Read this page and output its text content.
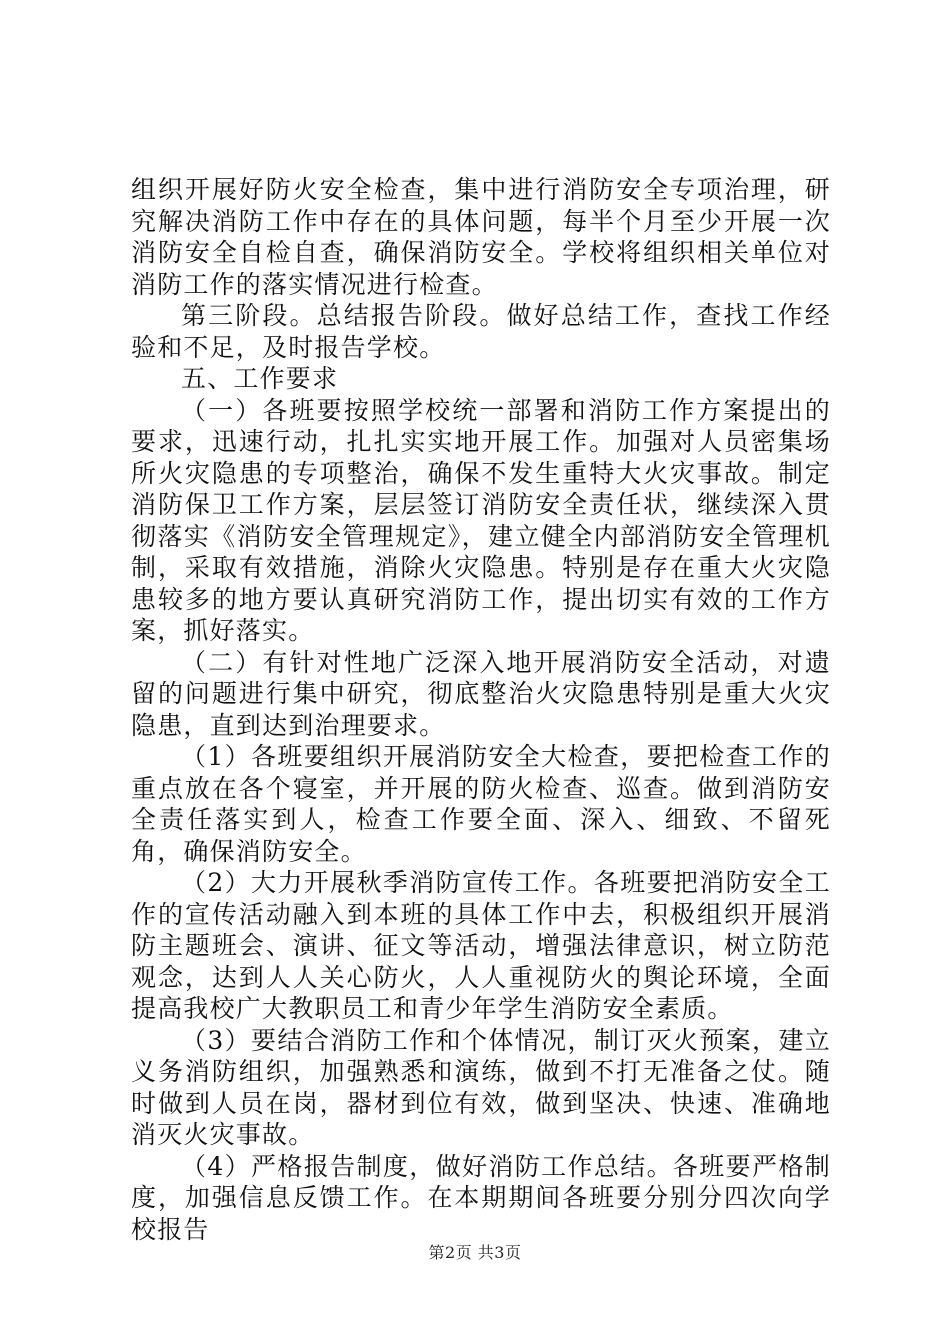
组织开展好防火安全检查，集中进行消防安全专项治理，研究解决消防工作中存在的具体问题，每半个月至少开展一次消防安全自检自查，确保消防安全。学校将组织相关单位对消防工作的落实情况进行检查。

第三阶段。总结报告阶段。做好总结工作，查找工作经验和不足，及时报告学校。

五、工作要求

（一）各班要按照学校统一部署和消防工作方案提出的要求，迅速行动，扎扎实实地开展工作。加强对人员密集场所火灾隐患的专项整治，确保不发生重特大火灾事故。制定消防保卫工作方案，层层签订消防安全责任状，继续深入贯彻落实《消防安全管理规定》，建立健全内部消防安全管理机制，采取有效措施，消除火灾隐患。特别是存在重大火灾隐患较多的地方要认真研究消防工作，提出切实有效的工作方案，抓好落实。

（二）有针对性地广泛深入地开展消防安全活动，对遗留的问题进行集中研究，彻底整治火灾隐患特别是重大火灾隐患，直到达到治理要求。

（1）各班要组织开展消防安全大检查，要把检查工作的重点放在各个寝室，并开展的防火检查、巡查。做到消防安全责任落实到人，检查工作要全面、深入、细致、不留死角，确保消防安全。

（2）大力开展秋季消防宣传工作。各班要把消防安全工作的宣传活动融入到本班的具体工作中去，积极组织开展消防主题班会、演讲、征文等活动，增强法律意识，树立防范观念，达到人人关心防火，人人重视防火的舆论环境，全面提高我校广大教职员工和青少年学生消防安全素质。

（3）要结合消防工作和个体情况，制订灭火预案，建立义务消防组织，加强熟悉和演练，做到不打无准备之仗。随时做到人员在岗，器材到位有效，做到坚决、快速、准确地消灭火灾事故。

（4）严格报告制度，做好消防工作总结。各班要严格制度，加强信息反馈工作。在本期期间各班要分别分四次向学校报告

第2页 共3页
